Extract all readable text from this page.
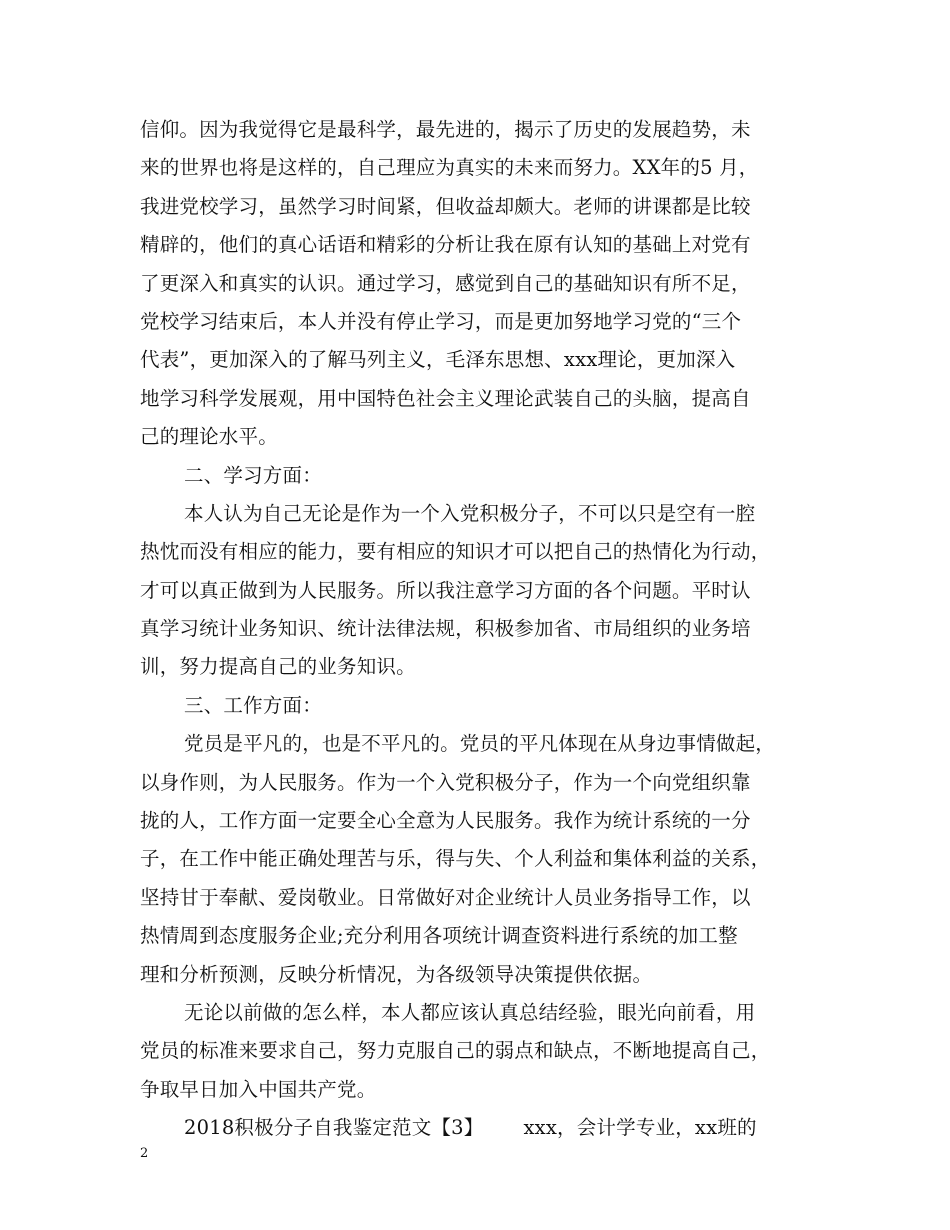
信仰。因为我觉得它是最科学，最先进的，揭示了历史的发展趋势，未
来的世界也将是这样的，自己理应为真实的未来而努力。XX年的5 月，
我进党校学习，虽然学习时间紧，但收益却颇大。老师的讲课都是比较
精辟的，他们的真心话语和精彩的分析让我在原有认知的基础上对党有
了更深入和真实的认识。通过学习，感觉到自己的基础知识有所不足，
党校学习结束后，本人并没有停止学习，而是更加努地学习党的“三个
代表”，更加深入的了解马列主义，毛泽东思想、xxx理论，更加深入
地学习科学发展观，用中国特色社会主义理论武装自己的头脑，提高自
己的理论水平。
二、学习方面：
本人认为自己无论是作为一个入党积极分子，不可以只是空有一腔
热忱而没有相应的能力，要有相应的知识才可以把自己的热情化为行动，
才可以真正做到为人民服务。所以我注意学习方面的各个问题。平时认
真学习统计业务知识、统计法律法规，积极参加省、市局组织的业务培
训，努力提高自己的业务知识。
三、工作方面：
党员是平凡的，也是不平凡的。党员的平凡体现在从身边事情做起，
以身作则，为人民服务。作为一个入党积极分子，作为一个向党组织靠
拢的人，工作方面一定要全心全意为人民服务。我作为统计系统的一分
子，在工作中能正确处理苦与乐，得与失、个人利益和集体利益的关系，
坚持甘于奉献、爱岗敬业。日常做好对企业统计人员业务指导工作，以
热情周到态度服务企业;充分利用各项统计调查资料进行系统的加工整
理和分析预测，反映分析情况，为各级领导决策提供依据。
无论以前做的怎么样，本人都应该认真总结经验，眼光向前看，用
党员的标准来要求自己，努力克服自己的弱点和缺点，不断地提高自己，
争取早日加入中国共产党。
2018积极分子自我鉴定范文【3】 xxx，会计学专业，xx班的
2
